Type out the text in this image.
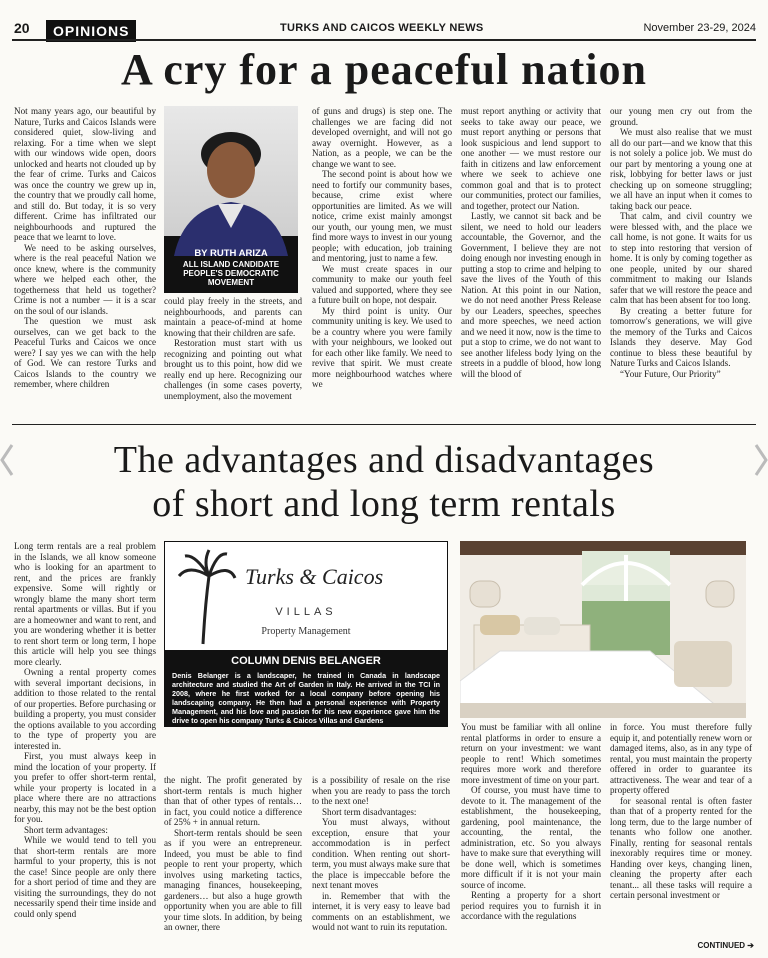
20	OPINIONS	TURKS AND CAICOS WEEKLY NEWS	November 23-29, 2024
A cry for a peaceful nation

Not many years ago, our beautiful by Nature, Turks and Caicos Islands were considered quiet, slow-living and relaxing. For a time when we slept with our windows wide open, doors unlocked and hearts not clouded up by the fear of crime. Turks and Caicos was once the country we grew up in, the country that we proudly call home, and still do. But today, it is so very different. Crime has infiltrated our neighbourhoods and ruptured the peace that we learnt to love.

We need to be asking ourselves, where is the real peaceful Nation we once knew, where is the community where we helped each other, the togetherness that held us together? Crime is not a number — it is a scar on the soul of our islands.

The question we must ask ourselves, can we get back to the Peaceful Turks and Caicos we once were? I say yes we can with the help of God. We can restore Turks and Caicos Islands to the country we remember, where children

BY RUTH ARIZA
ALL ISLAND CANDIDATE
PEOPLE'S DEMOCRATIC MOVEMENT

could play freely in the streets, and neighbourhoods, and parents can maintain a peace-of-mind at home knowing that their children are safe.

Restoration must start with us recognizing and pointing out what brought us to this point, how did we really end up here. Recognizing our challenges (in some cases poverty, unemployment, also the movement

of guns and drugs) is step one. The challenges we are facing did not developed overnight, and will not go away overnight. However, as a Nation, as a people, we can be the change we want to see.

The second point is about how we need to fortify our community bases, because, crime exist where opportunities are limited. As we will notice, crime exist mainly amongst our youth, our young men, we must find more ways to invest in our young people; with education, job training and mentoring, just to name a few.

We must create spaces in our community to make our youth feel valued and supported, where they see a future built on hope, not despair.

My third point is unity. Our community uniting is key. We used to be a country where you were family with your neighbours, we looked out for each other like family. We need to revive that spirit. We must create more neighbourhood watches where we

must report anything or activity that seeks to take away our peace, we must report anything or persons that look suspicious and lend support to one another — we must restore our faith in citizens and law enforcement where we seek to achieve one common goal and that is to protect our communities, protect our families, and together, protect our Nation.

Lastly, we cannot sit back and be silent, we need to hold our leaders accountable, the Governor, and the Government, I believe they are not doing enough nor investing enough in putting a stop to crime and helping to save the lives of the Youth of this Nation. At this point in our Nation, we do not need another Press Release by our Leaders, speeches, speeches and more speeches, we need action and we need it now, now is the time to put a stop to crime, we do not want to see another lifeless body lying on the streets in a puddle of blood, how long will the blood of

our young men cry out from the ground.

We must also realise that we must all do our part—and we know that this is not solely a police job. We must do our part by mentoring a young one at risk, lobbying for better laws or just checking up on someone struggling; we all have an input when it comes to taking back our peace.

That calm, and civil country we were blessed with, and the place we call home, is not gone. It waits for us to step into restoring that version of home. It is only by coming together as one people, united by our shared commitment to making our Islands safer that we will restore the peace and calm that has been absent for too long.

By creating a better future for tomorrow's generations, we will give the memory of the Turks and Caicos Islands they deserve. May God continue to bless these beautiful by Nature Turks and Caicos Islands.

“Your Future, Our Priority”

The advantages and disadvantages
of short and long term rentals

Long term rentals are a real problem in the Islands, we all know someone who is looking for an apartment to rent, and the prices are frankly expensive. Some will rightly or wrongly blame the many short term rental apartments or villas. But if you are a homeowner and want to rent, and you are wondering whether it is better to rent short term or long term, I hope this article will help you see things more clearly.

Owning a rental property comes with several important decisions, in addition to those related to the rental of our properties. Before purchasing or building a property, you must consider the options available to you according to the type of property you are interested in.

First, you must always keep in mind the location of your property. If you prefer to offer short-term rental, while your property is located in a place where there are no attractions nearby, this may not be the best option for you.

Short term advantages:

While we would tend to tell you that short-term rentals are more harmful to your property, this is not the case! Since people are only there for a short period of time and they are visiting the surroundings, they do not necessarily spend their time inside and could only spend

Turks & Caicos
VILLAS
Property Management
COLUMN DENIS BELANGER
Denis Belanger is a landscaper, he trained in Canada in landscape architecture and studied the Art of Garden in Italy. He arrived in the TCI in 2008, where he first worked for a local company before opening his landscaping company. He then had a personal experience with Property Management, and his love and passion for his new experience gave him the drive to open his company Turks & Caicos Villas and Gardens

the night. The profit generated by short-term rentals is much higher than that of other types of rentals… in fact, you could notice a difference of 25% + in annual return.

Short-term rentals should be seen as if you were an entrepreneur. Indeed, you must be able to find people to rent your property, which involves using marketing tactics, managing finances, housekeeping, gardeners… but also a huge growth opportunity when you are able to fill your time slots. In addition, by being an owner, there

is a possibility of resale on the rise when you are ready to pass the torch to the next one!

Short term disadvantages:

You must always, without exception, ensure that your accommodation is in perfect condition. When renting out short-term, you must always make sure that the place is impeccable before the next tenant moves

in. Remember that with the internet, it is very easy to leave bad comments on an establishment, we would not want to ruin its reputation.

You must be familiar with all online rental platforms in order to ensure a return on your investment: we want people to rent! Which sometimes requires more work and therefore more investment of time on your part.

Of course, you must have time to devote to it. The management of the establishment, the housekeeping, gardening, pool maintenance, the accounting, the rental, the administration, etc. So you always have to make sure that everything will be done well, which is sometimes more difficult if it is not your main source of income.

Renting a property for a short period requires you to furnish it in accordance with the regulations

in force. You must therefore fully equip it, and potentially renew worn or damaged items, also, as in any type of rental, you must maintain the property offered in order to guarantee its attractiveness. The wear and tear of a property offered

for seasonal rental is often faster than that of a property rented for the long term, due to the large number of tenants who follow one another. Finally, renting for seasonal rentals inexorably requires time or money. Handing over keys, changing linen, cleaning the property after each tenant... all these tasks will require a certain personal investment or

CONTINUED ➔
